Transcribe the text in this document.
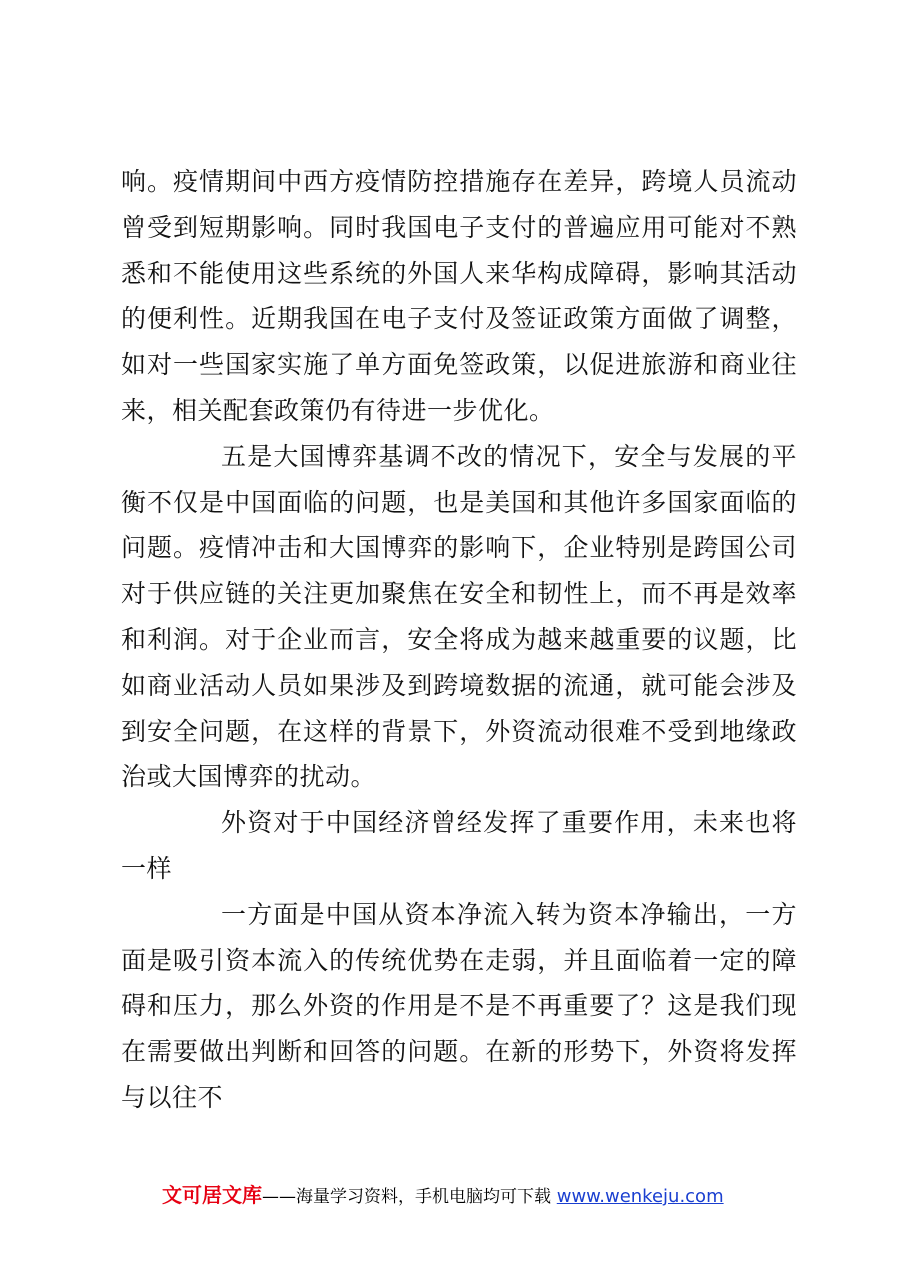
响。疫情期间中西方疫情防控措施存在差异，跨境人员流动曾受到短期影响。同时我国电子支付的普遍应用可能对不熟悉和不能使用这些系统的外国人来华构成障碍，影响其活动的便利性。近期我国在电子支付及签证政策方面做了调整，如对一些国家实施了单方面免签政策，以促进旅游和商业往来，相关配套政策仍有待进一步优化。

五是大国博弈基调不改的情况下，安全与发展的平衡不仅是中国面临的问题，也是美国和其他许多国家面临的问题。疫情冲击和大国博弈的影响下，企业特别是跨国公司对于供应链的关注更加聚焦在安全和韧性上，而不再是效率和利润。对于企业而言，安全将成为越来越重要的议题，比如商业活动人员如果涉及到跨境数据的流通，就可能会涉及到安全问题，在这样的背景下，外资流动很难不受到地缘政治或大国博弈的扰动。

外资对于中国经济曾经发挥了重要作用，未来也将一样

一方面是中国从资本净流入转为资本净输出，一方面是吸引资本流入的传统优势在走弱，并且面临着一定的障碍和压力，那么外资的作用是不是不再重要了？这是我们现在需要做出判断和回答的问题。在新的形势下，外资将发挥与以往不

文可居文库——海量学习资料，手机电脑均可下载 www.wenkeju.com
